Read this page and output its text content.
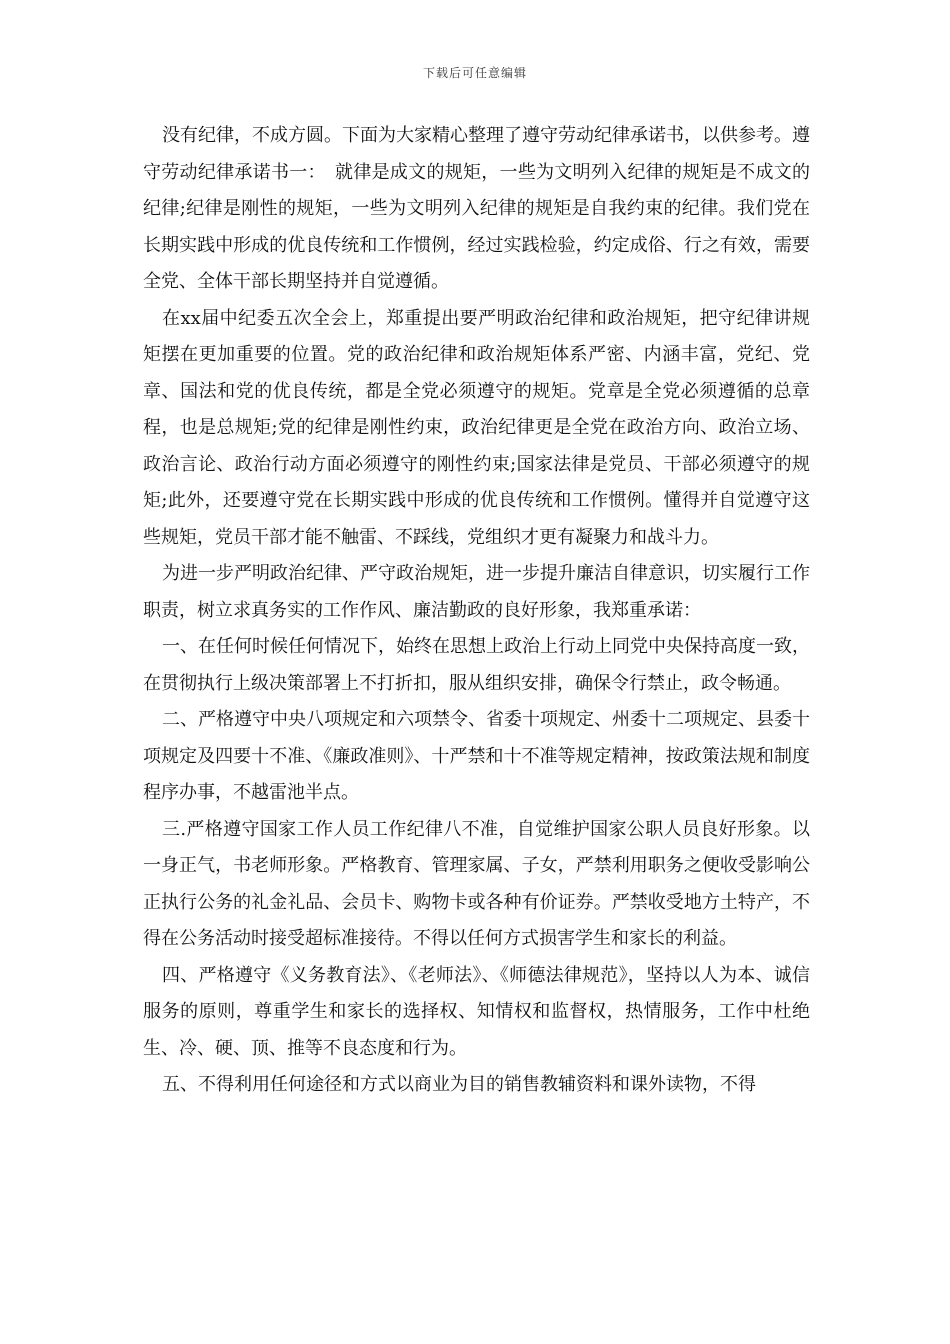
下载后可任意编辑

没有纪律，不成方圆。下面为大家精心整理了遵守劳动纪律承诺书，以供参考。遵守劳动纪律承诺书一：　就律是成文的规矩，一些为文明列入纪律的规矩是不成文的纪律;纪律是刚性的规矩，一些为文明列入纪律的规矩是自我约束的纪律。我们党在长期实践中形成的优良传统和工作惯例，经过实践检验，约定成俗、行之有效，需要全党、全体干部长期坚持并自觉遵循。

在xx届中纪委五次全会上，郑重提出要严明政治纪律和政治规矩，把守纪律讲规矩摆在更加重要的位置。党的政治纪律和政治规矩体系严密、内涵丰富，党纪、党章、国法和党的优良传统，都是全党必须遵守的规矩。党章是全党必须遵循的总章程，也是总规矩;党的纪律是刚性约束，政治纪律更是全党在政治方向、政治立场、政治言论、政治行动方面必须遵守的刚性约束;国家法律是党员、干部必须遵守的规矩;此外，还要遵守党在长期实践中形成的优良传统和工作惯例。懂得并自觉遵守这些规矩，党员干部才能不触雷、不踩线，党组织才更有凝聚力和战斗力。

为进一步严明政治纪律、严守政治规矩，进一步提升廉洁自律意识，切实履行工作职责，树立求真务实的工作作风、廉洁勤政的良好形象，我郑重承诺：

一、在任何时候任何情况下，始终在思想上政治上行动上同党中央保持高度一致，在贯彻执行上级决策部署上不打折扣，服从组织安排，确保令行禁止，政令畅通。

二、严格遵守中央八项规定和六项禁令、省委十项规定、州委十二项规定、县委十项规定及四要十不准、《廉政准则》、十严禁和十不准等规定精神，按政策法规和制度程序办事，不越雷池半点。

三.严格遵守国家工作人员工作纪律八不准，自觉维护国家公职人员良好形象。以一身正气，书老师形象。严格教育、管理家属、子女，严禁利用职务之便收受影响公正执行公务的礼金礼品、会员卡、购物卡或各种有价证券。严禁收受地方土特产，不得在公务活动时接受超标准接待。不得以任何方式损害学生和家长的利益。

四、严格遵守《义务教育法》、《老师法》、《师德法律规范》，坚持以人为本、诚信服务的原则，尊重学生和家长的选择权、知情权和监督权，热情服务，工作中杜绝生、冷、硬、顶、推等不良态度和行为。

五、不得利用任何途径和方式以商业为目的销售教辅资料和课外读物，不得
